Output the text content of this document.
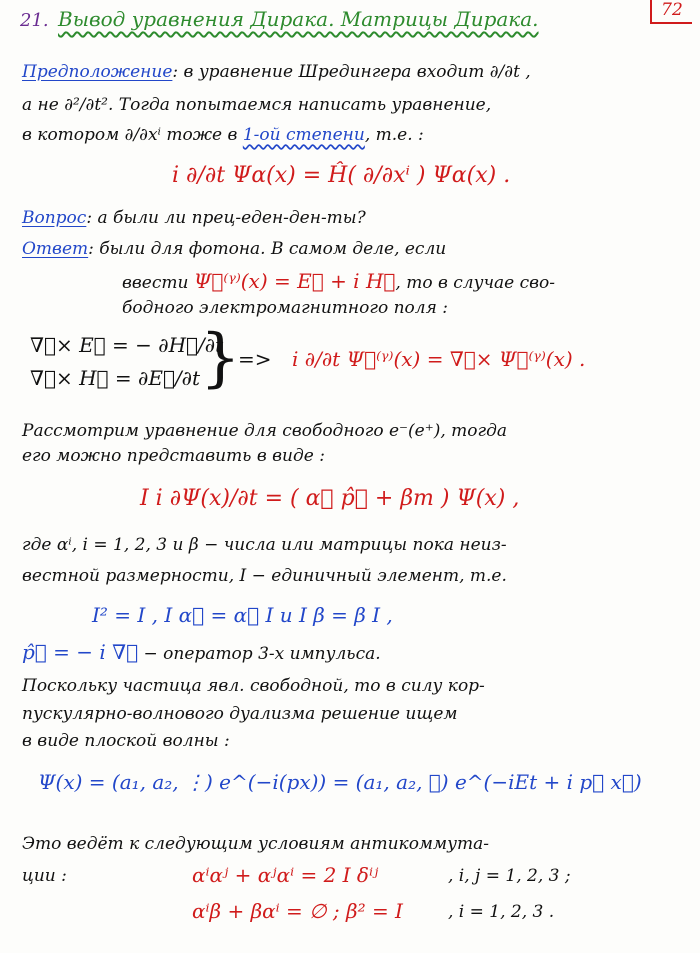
21. Вывод уравнения Дирака. Матрицы Дирака.	72
Предположение: в уравнение Шредингера входит ∂/∂t ,
а не ∂²/∂t². Тогда попытаемся написать уравнение,
в котором ∂/∂xⁱ тоже в 1-ой степени, т.е. :
i ∂/∂t Ψα(x) = Ĥ( ∂/∂xⁱ ) Ψα(x) .
Вопрос: а были ли прец-еден-ден-ты?
Ответ: были для фотона. В самом деле, если
ввести Ψ⃗⁽ᵞ⁾(x) = E⃗ + i H⃗, то в случае сво-
бодного электромагнитного поля :
∇⃗× E⃗ = − ∂H⃗/∂t
∇⃗× H⃗ = ∂E⃗/∂t }
=> i ∂/∂t Ψ⃗⁽ᵞ⁾(x) = ∇⃗× Ψ⃗⁽ᵞ⁾(x) .
Рассмотрим уравнение для свободного e⁻(e⁺), тогда
его можно представить в виде :
I i ∂Ψ(x)/∂t = ( α⃗ p̂⃗ + βm ) Ψ(x) ,
где αⁱ, i = 1, 2, 3 и β − числа или матрицы пока неиз-
вестной размерности, I − единичный элемент, т.е.
I² = I , I α⃗ = α⃗ I и I β = β I ,
p̂⃗ = − i ∇⃗ − оператор 3-х импульса.
Поскольку частица явл. свободной, то в силу кор-
пускулярно-волнового дуализма решение ищем
в виде плоской волны :
Ψ(x) = (a₁, a₂, ⋮) e^(−i(px)) = (a₁, a₂, ⋮) e^(−iEt + i p⃗ x⃗)
Это ведёт к следующим условиям антикоммута-
ции :	αⁱαʲ + αʲαⁱ = 2 I δⁱʲ	, i, j = 1, 2, 3 ;
αⁱβ + βαⁱ = ∅ ; β² = I	, i = 1, 2, 3 .
